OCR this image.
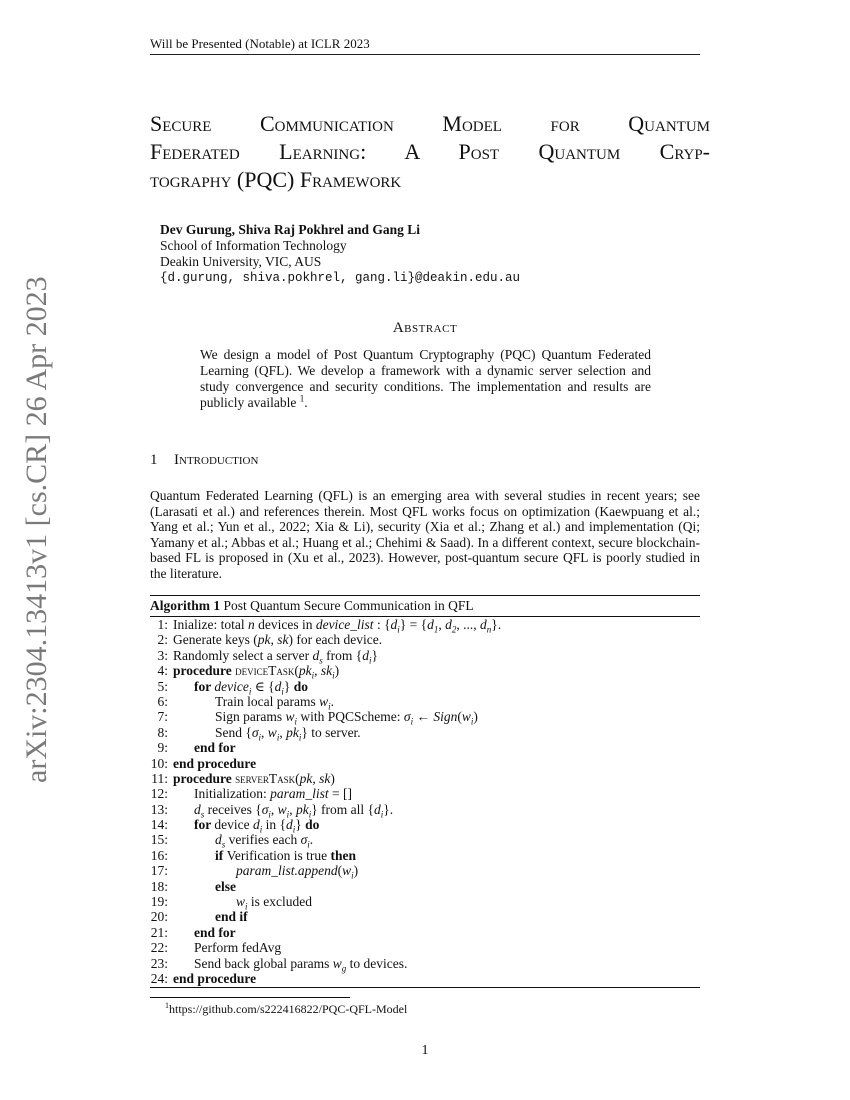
Will be Presented (Notable) at ICLR 2023
arXiv:2304.13413v1 [cs.CR] 26 Apr 2023
Secure Communication Model for Quantum
Federated Learning: A Post Quantum Cryp-
tography (PQC) Framework
Dev Gurung, Shiva Raj Pokhrel and Gang Li
School of Information Technology
Deakin University, VIC, AUS
{d.gurung, shiva.pokhrel, gang.li}@deakin.edu.au
Abstract
We design a model of Post Quantum Cryptography (PQC) Quantum Federated Learning (QFL). We develop a framework with a dynamic server selection and study convergence and security conditions. The implementation and results are publicly available $^1$.
1 Introduction
Quantum Federated Learning (QFL) is an emerging area with several studies in recent years; see (Larasati et al.) and references therein. Most QFL works focus on optimization (Kaewpuang et al.; Yang et al.; Yun et al., 2022; Xia & Li), security (Xia et al.; Zhang et al.) and implementation (Qi; Yamany et al.; Abbas et al.; Huang et al.; Chehimi & Saad). In a different context, secure blockchain-based FL is proposed in (Xu et al., 2023). However, post-quantum secure QFL is poorly studied in the literature.
Algorithm 1 Post Quantum Secure Communication in QFL
1: Inialize: total n devices in device_list : $\{d_i\} = \{d_1$, $d_2$, ..., $d_n$}.
2: Generate keys (pk, sk) for each device.
3: Randomly select a server $d_s$ from $\{d_i\}$
4: procedure $deviceTask(pk_i$, $sk_i$)
5: for device$_i$ ∈ $\{d_i\}$ do
6:	Train local params $w_i$.
7:	Sign params $w_i$ with PQCScheme: $\sigma_i$ ← $Sign(w_i)$
8:	Send {$\sigma_i$, $w_i$, $pk_i$} to server.
9: end for
10: end procedure
11: procedure serverTask(pk, sk)
12: Initialization: param_list = []
13: $d_s$ receives {$\sigma_i$, $w_i$, $pk_i$} from all $\{d_i\}$.
14: for device $d_i$ in $\{d_i\}$ do
15:	$d_s$ verifies each $\sigma_i$.
16:	if Verification is true then
17:	$param\_list.append(w_i)$
18:	else
19:	$w_i$ is excluded
20:	end if
21: end for
22: Perform fedAvg
23: Send back global params $w_g$ to devices.
24: end procedure
$^1$https://github.com/s222416822/PQC-QFL-Model
1
